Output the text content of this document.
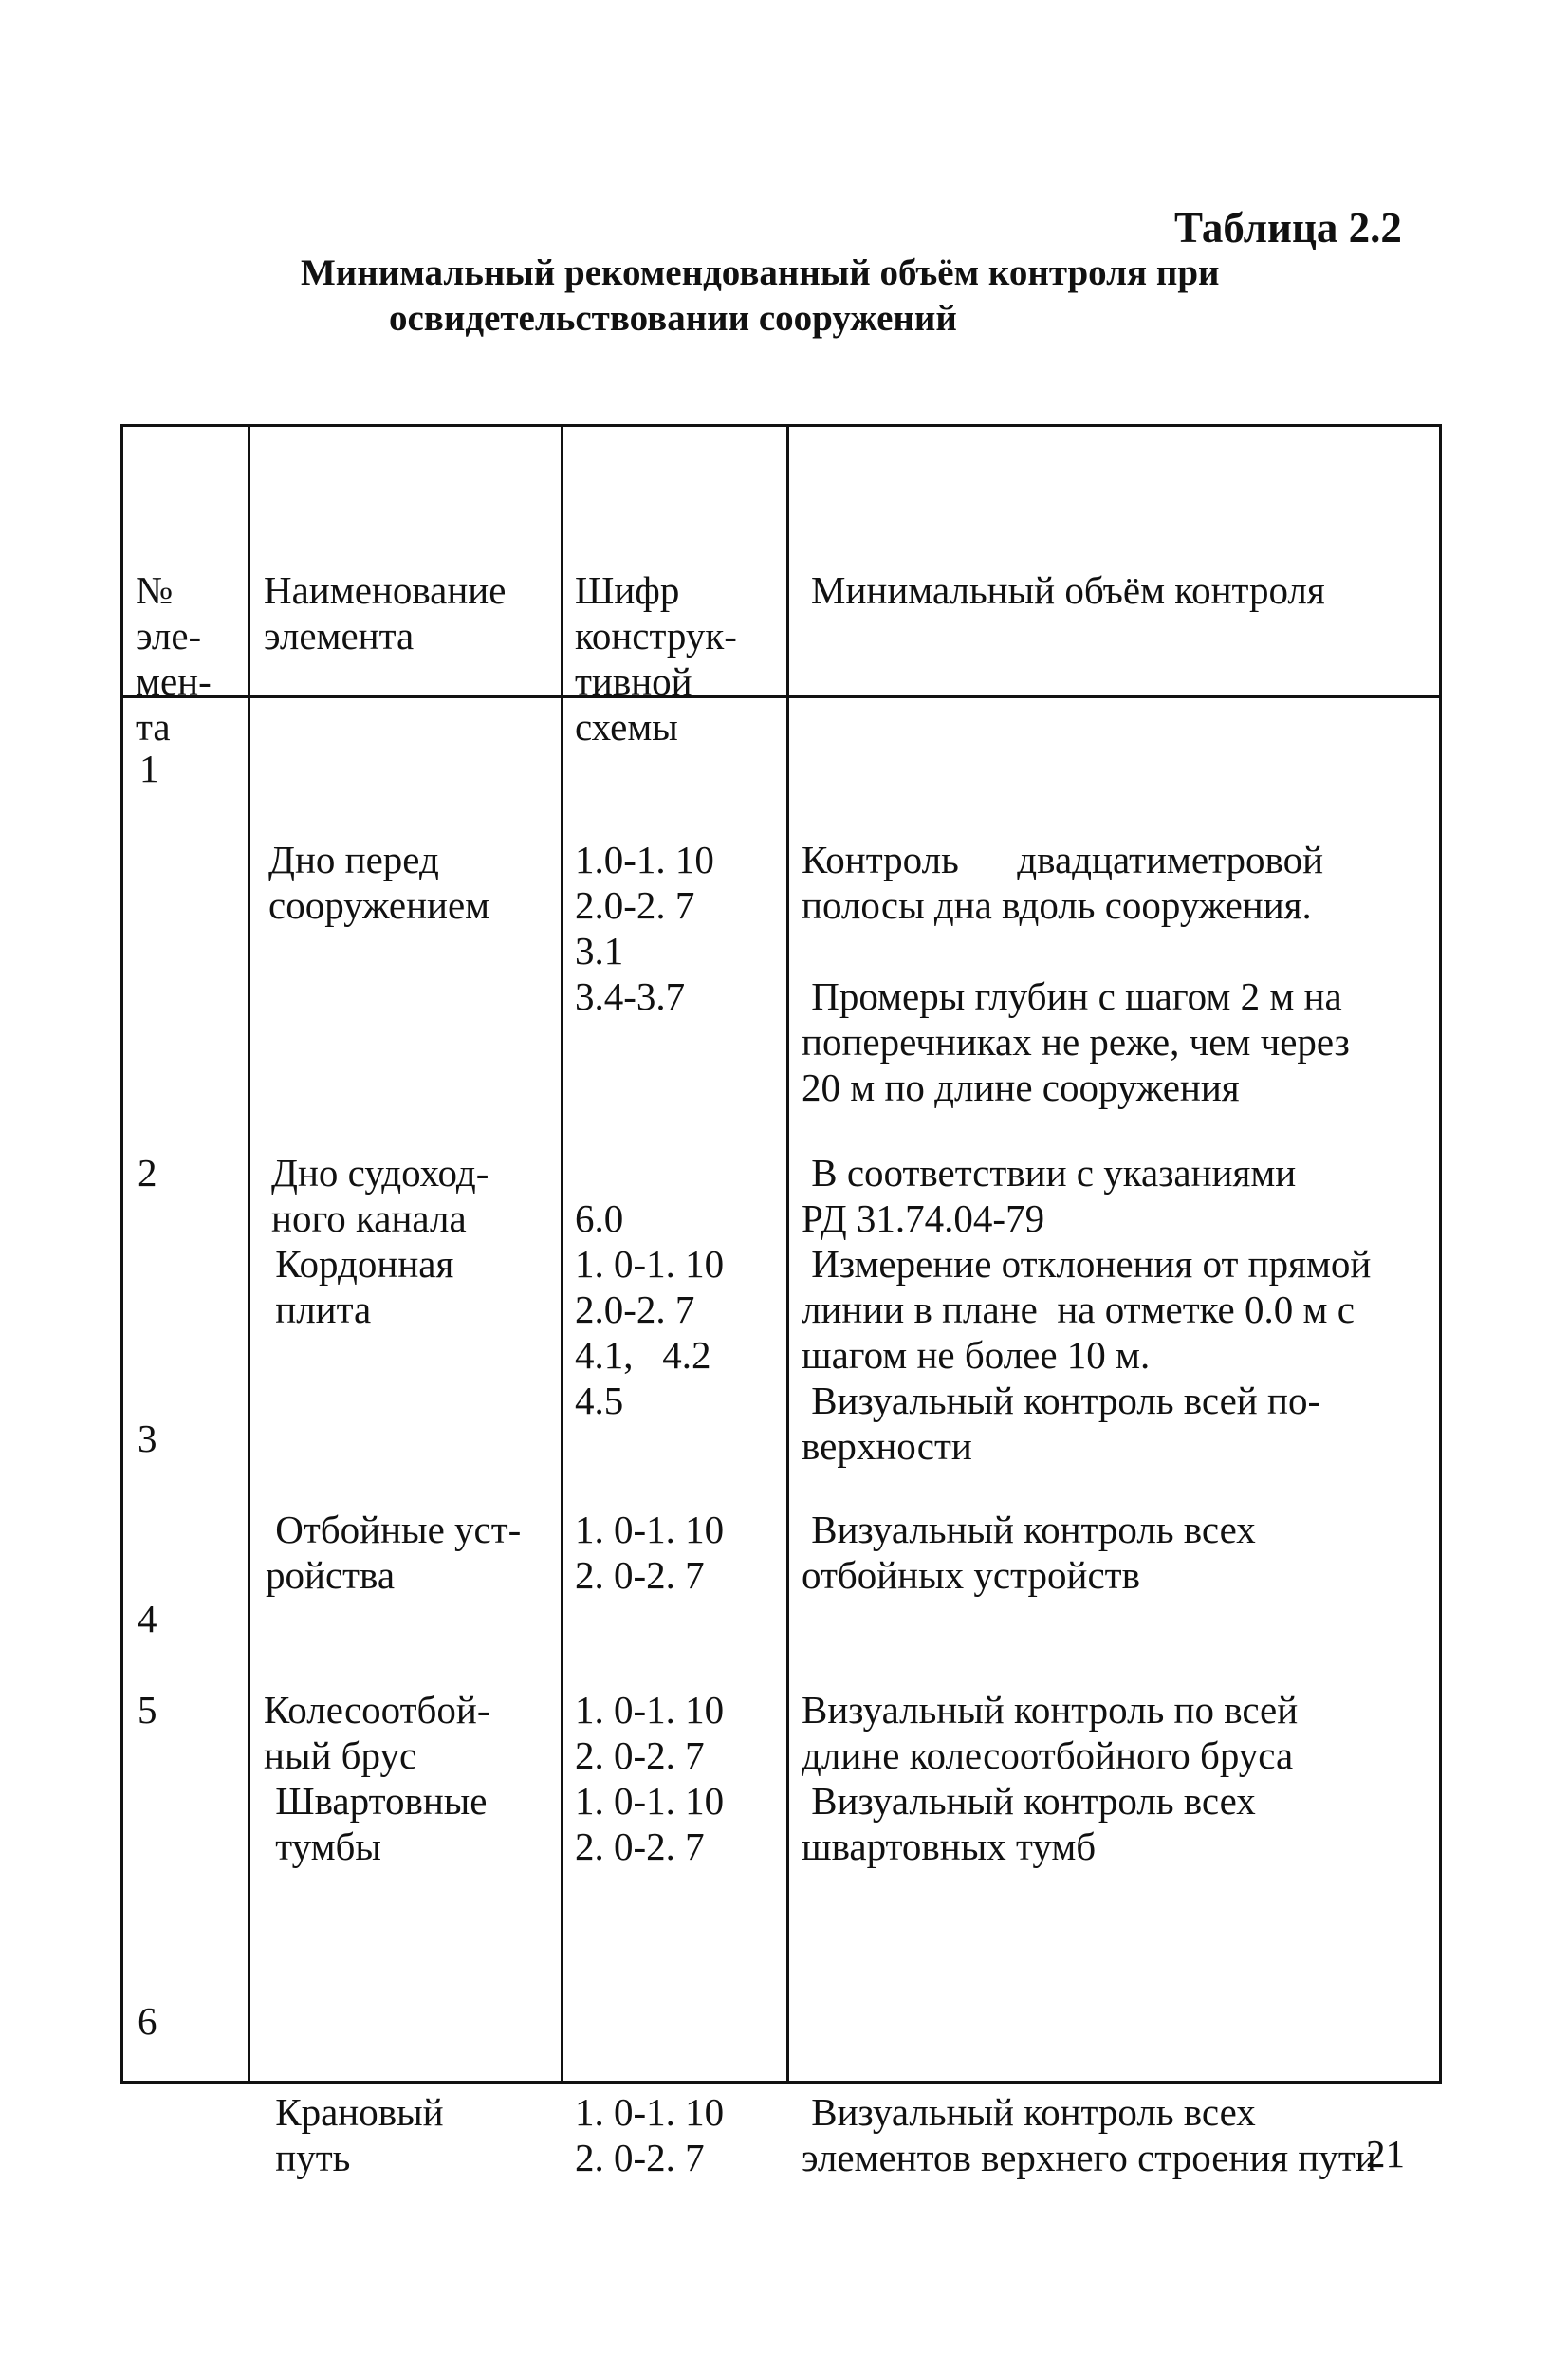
Таблица 2.2
Минимальный рекомендованный объём контроля при
освидетельствовании сооружений

№
эле-
мен-
та

Наименование
элемента

Шифр
конструк-
тивной
схемы

Минимальный объём контроля

1

Дно перед
сооружением

1.0-1. 10
2.0-2. 7
3.1
3.4-3.7

Контроль      двадцатиметровой
полосы дна вдоль сооружения.

Промеры глубин с шагом 2 м на
поперечниках не реже, чем через
20 м по длине сооружения

Дно судоход-
ного канала

	6.0

В соответствии с указаниями
РД 31.74.04-79

2

Кордонная
плита

1. 0-1. 10
2.0-2. 7
4.1,   4.2
4.5

Измерение отклонения от прямой
линии в плане  на отметке 0.0 м с
шагом не более 10 м.
Визуальный контроль всей по-
верхности

3

Отбойные уст-
ройства

1. 0-1. 10
2. 0-2. 7

Визуальный контроль всех
отбойных устройств

4

Колесоотбой-
ный брус

1. 0-1. 10
2. 0-2. 7

Визуальный контроль по всей
длине колесоотбойного бруса

5

Швартовные
тумбы

1. 0-1. 10
2. 0-2. 7

Визуальный контроль всех
швартовных тумб

6

Крановый
путь

1. 0-1. 10
2. 0-2. 7

Визуальный контроль всех
элементов верхнего строения пути

21
